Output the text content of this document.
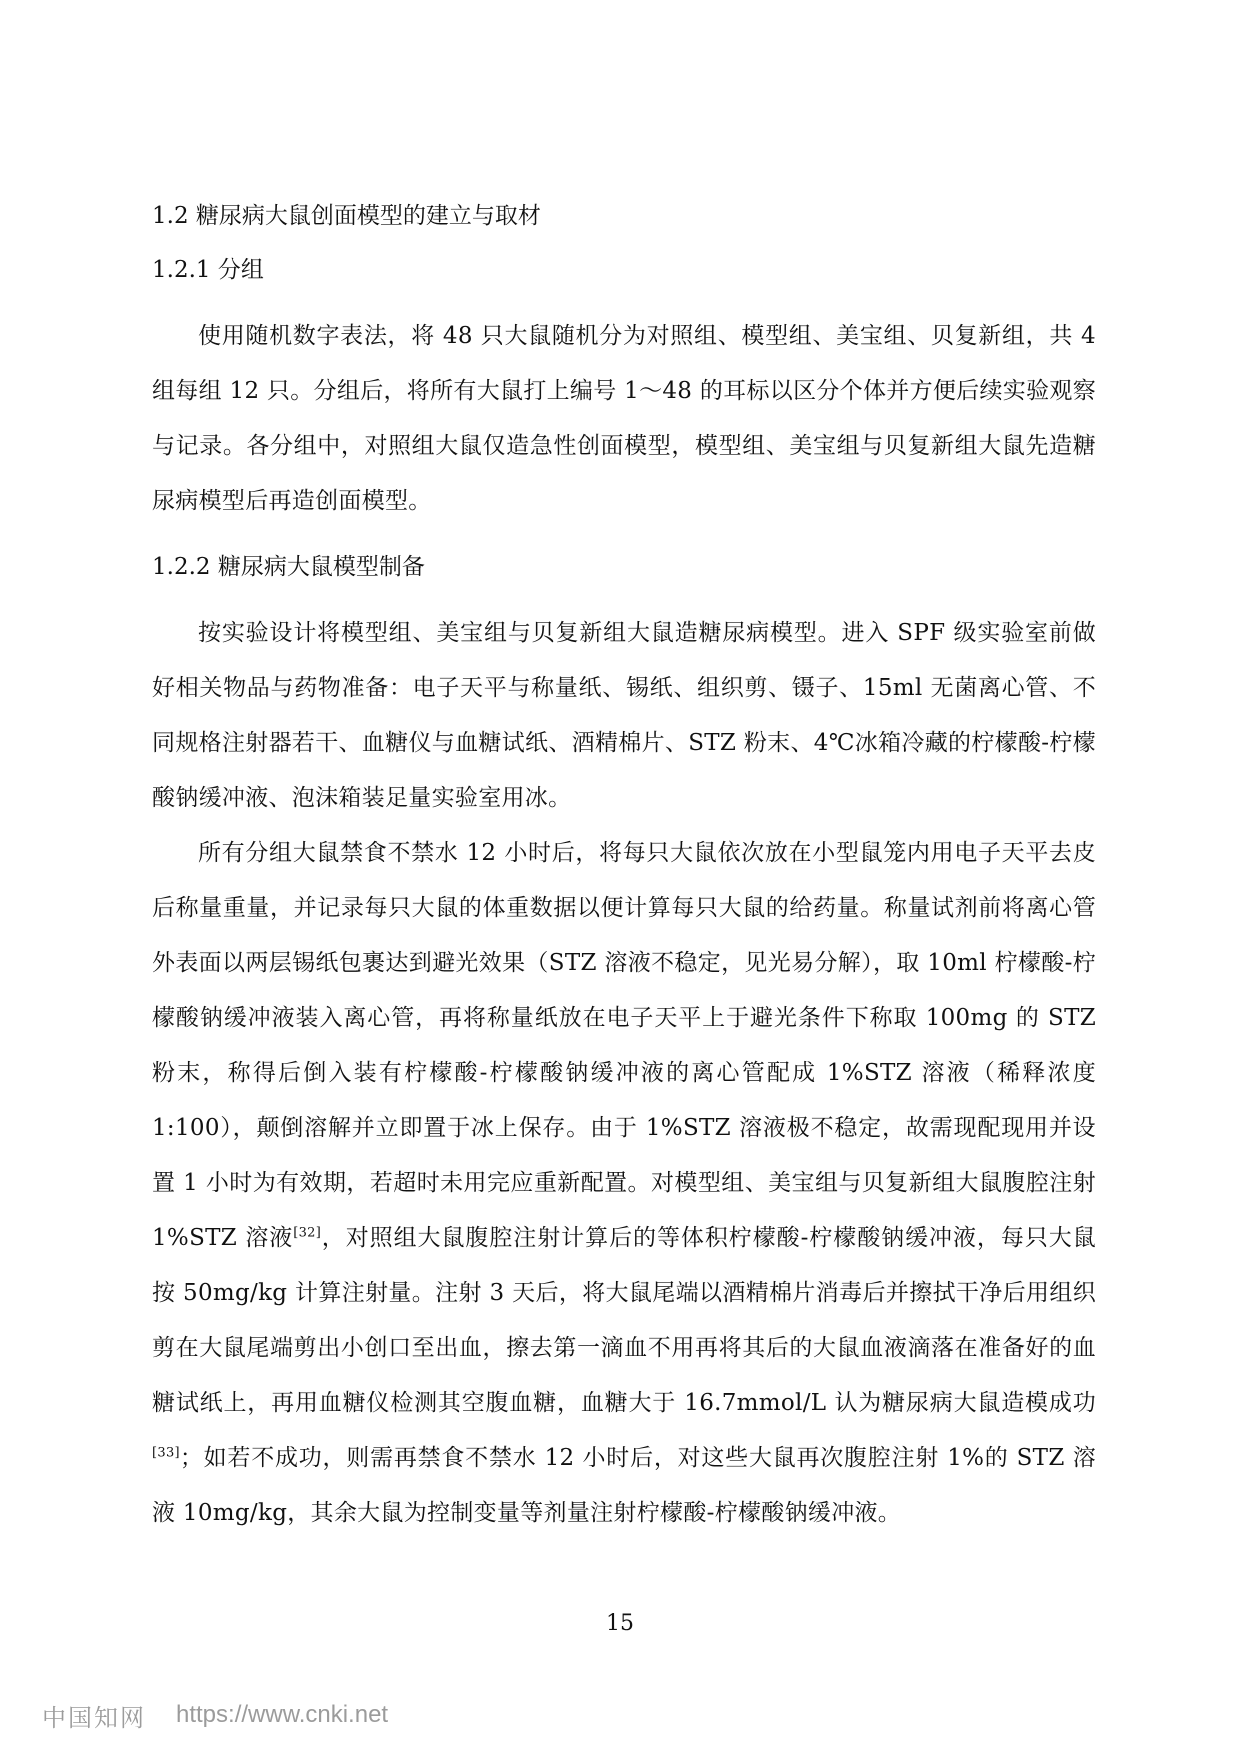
1.2 糖尿病大鼠创面模型的建立与取材
1.2.1 分组

使用随机数字表法，将 48 只大鼠随机分为对照组、模型组、美宝组、贝复新组，共 4 组每组 12 只。分组后，将所有大鼠打上编号 1～48 的耳标以区分个体并方便后续实验观察与记录。各分组中，对照组大鼠仅造急性创面模型，模型组、美宝组与贝复新组大鼠先造糖尿病模型后再造创面模型。

1.2.2 糖尿病大鼠模型制备

按实验设计将模型组、美宝组与贝复新组大鼠造糖尿病模型。进入 SPF 级实验室前做好相关物品与药物准备：电子天平与称量纸、锡纸、组织剪、镊子、15ml 无菌离心管、不同规格注射器若干、血糖仪与血糖试纸、酒精棉片、STZ 粉末、4℃冰箱冷藏的柠檬酸-柠檬酸钠缓冲液、泡沫箱装足量实验室用冰。

所有分组大鼠禁食不禁水 12 小时后，将每只大鼠依次放在小型鼠笼内用电子天平去皮后称量重量，并记录每只大鼠的体重数据以便计算每只大鼠的给药量。称量试剂前将离心管外表面以两层锡纸包裹达到避光效果（STZ 溶液不稳定，见光易分解），取 10ml 柠檬酸-柠檬酸钠缓冲液装入离心管，再将称量纸放在电子天平上于避光条件下称取 100mg 的 STZ 粉末，称得后倒入装有柠檬酸-柠檬酸钠缓冲液的离心管配成 1%STZ 溶液（稀释浓度 1:100），颠倒溶解并立即置于冰上保存。由于 1%STZ 溶液极不稳定，故需现配现用并设置 1 小时为有效期，若超时未用完应重新配置。对模型组、美宝组与贝复新组大鼠腹腔注射 1%STZ 溶液[32]，对照组大鼠腹腔注射计算后的等体积柠檬酸-柠檬酸钠缓冲液，每只大鼠按 50mg/kg 计算注射量。注射 3 天后，将大鼠尾端以酒精棉片消毒后并擦拭干净后用组织剪在大鼠尾端剪出小创口至出血，擦去第一滴血不用再将其后的大鼠血液滴落在准备好的血糖试纸上，再用血糖仪检测其空腹血糖，血糖大于 16.7mmol/L 认为糖尿病大鼠造模成功[33]；如若不成功，则需再禁食不禁水 12 小时后，对这些大鼠再次腹腔注射 1%的 STZ 溶液 10mg/kg，其余大鼠为控制变量等剂量注射柠檬酸-柠檬酸钠缓冲液。

15
中国知网 https://www.cnki.net
